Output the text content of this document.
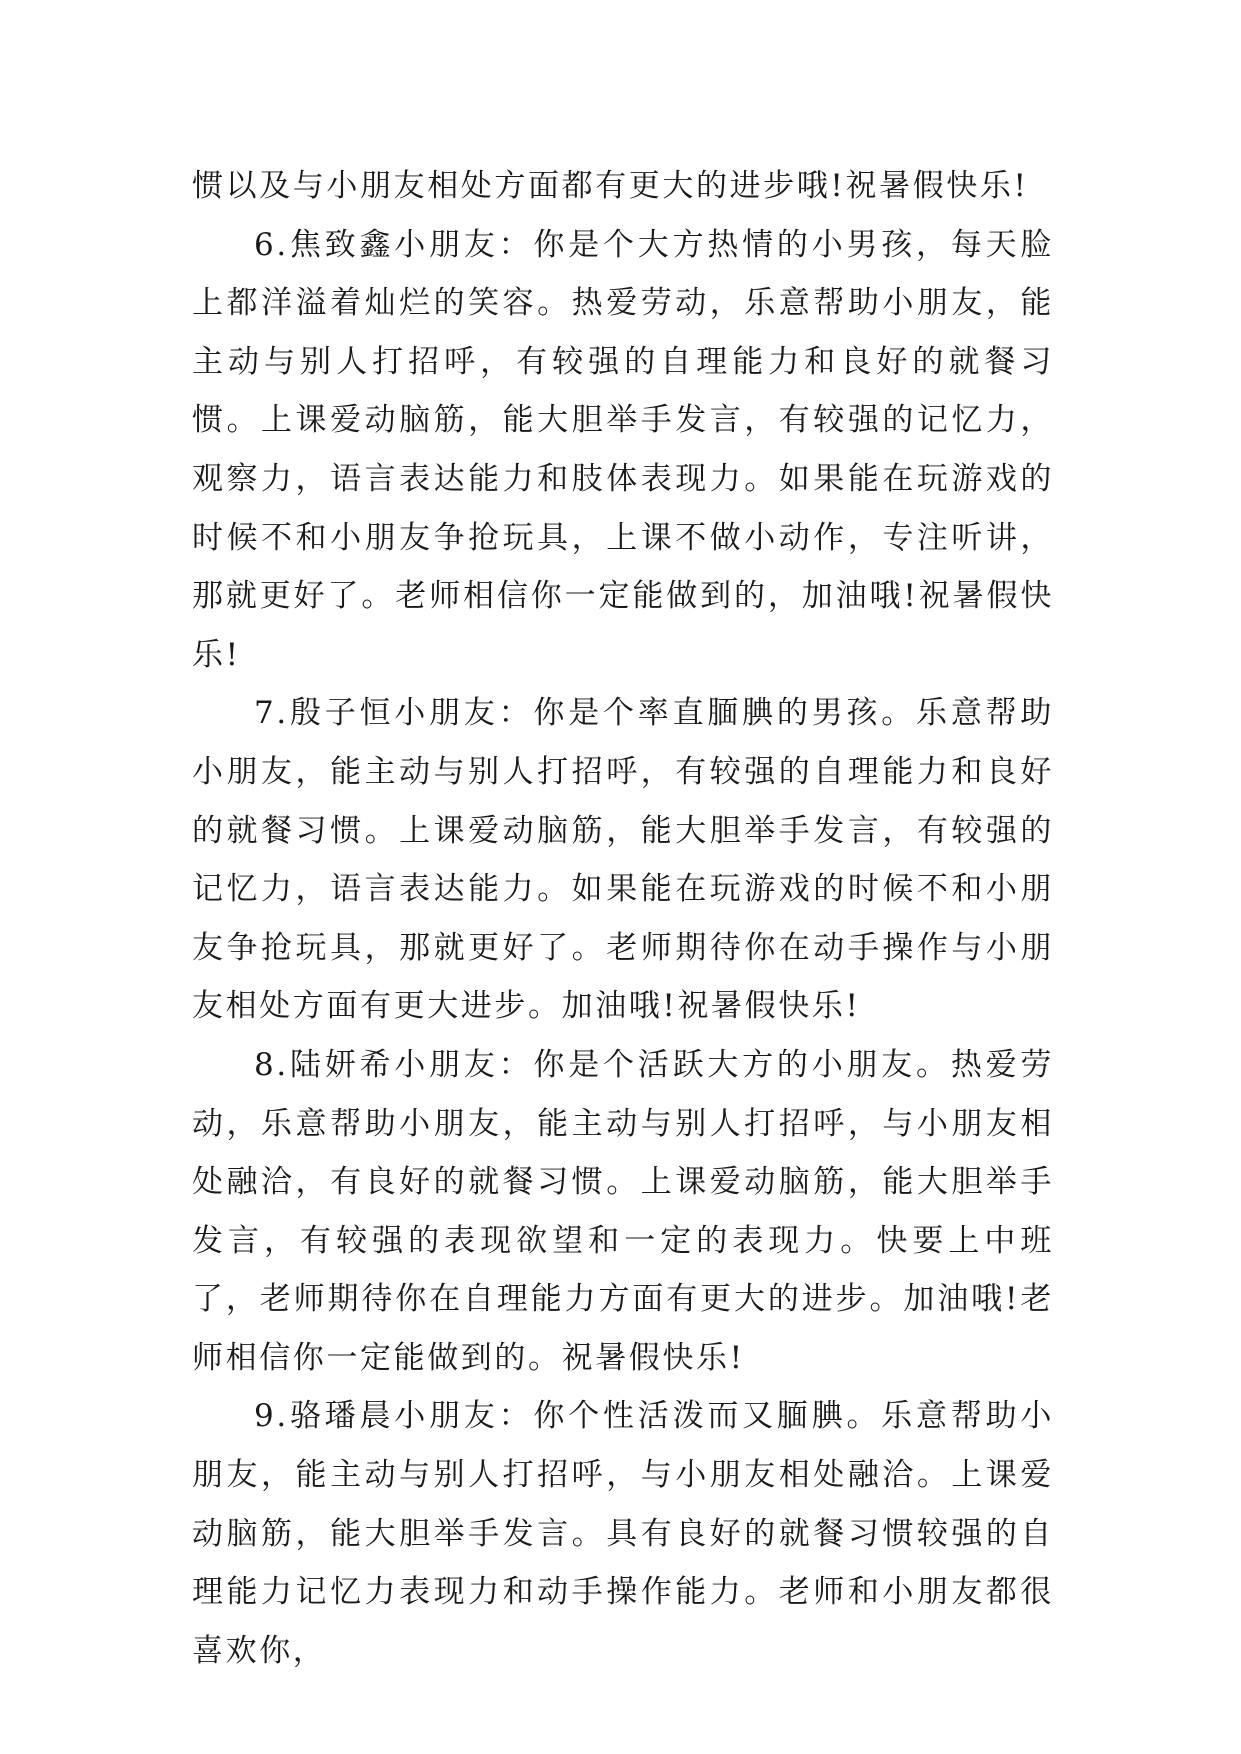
惯以及与小朋友相处方面都有更大的进步哦!祝暑假快乐!

6.焦致鑫小朋友：你是个大方热情的小男孩，每天脸上都洋溢着灿烂的笑容。热爱劳动，乐意帮助小朋友，能主动与别人打招呼，有较强的自理能力和良好的就餐习惯。上课爱动脑筋，能大胆举手发言，有较强的记忆力，观察力，语言表达能力和肢体表现力。如果能在玩游戏的时候不和小朋友争抢玩具，上课不做小动作，专注听讲，那就更好了。老师相信你一定能做到的，加油哦!祝暑假快乐!

7.殷子恒小朋友：你是个率直腼腆的男孩。乐意帮助小朋友，能主动与别人打招呼，有较强的自理能力和良好的就餐习惯。上课爱动脑筋，能大胆举手发言，有较强的记忆力，语言表达能力。如果能在玩游戏的时候不和小朋友争抢玩具，那就更好了。老师期待你在动手操作与小朋友相处方面有更大进步。加油哦!祝暑假快乐!

8.陆妍希小朋友：你是个活跃大方的小朋友。热爱劳动，乐意帮助小朋友，能主动与别人打招呼，与小朋友相处融洽，有良好的就餐习惯。上课爱动脑筋，能大胆举手发言，有较强的表现欲望和一定的表现力。快要上中班了，老师期待你在自理能力方面有更大的进步。加油哦!老师相信你一定能做到的。祝暑假快乐!

9.骆璠晨小朋友：你个性活泼而又腼腆。乐意帮助小朋友，能主动与别人打招呼，与小朋友相处融洽。上课爱动脑筋，能大胆举手发言。具有良好的就餐习惯较强的自理能力记忆力表现力和动手操作能力。老师和小朋友都很喜欢你，
